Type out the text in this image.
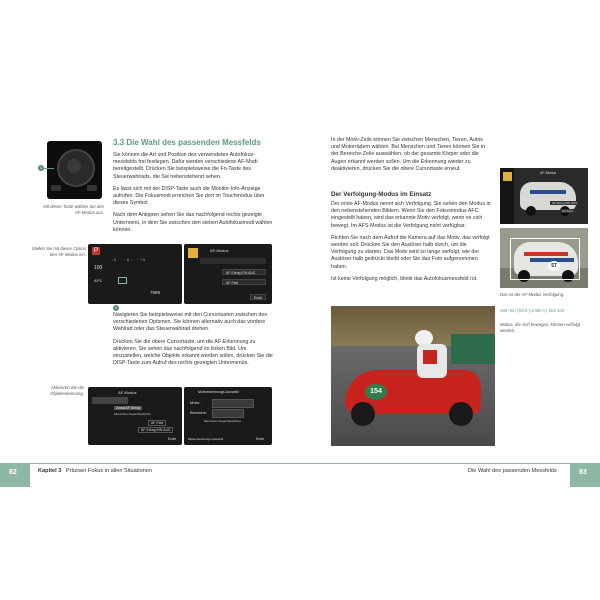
1
Mit dieser Taste wählen Sie den AF-Modus aus.
3.3 Die Wahl des passenden Messfelds

Sie können die Art und Position des verwendeten Autofokusmessfelds frei festlegen. Dafür werden verschiedene AF-Modi bereitgestellt. Drücken Sie beispielsweise die Fn-Taste des Steuerwahlrads, die Sie nebenstehend sehen.

Es lässt sich mit der DISP-Taste auch die Monitor-Info-Anzeige aufrufen. Die Fokusmodi erreichen Sie dort im Touchmodus über dieses Symbol.

Nach dem Antippen sehen Sie das nachfolgend rechts gezeigte Untermenü, in dem Sie zwischen den sieben Autofokusmodi wählen können.

Stellen Sie mit dieser Option den AF-Modus ein.
P
100
-3 · · · 0 · · · +3
AFS
7959
2
AF-Modus
AF Erkng EIN AUS
AF Feld
Ende

Navigieren Sie beispielsweise mit den Cursortasten zwischen den verschiedenen Optionen. Sie können alternativ auch das vordere Wahlrad oder das Steuerwahlrad drehen.

Drücken Sie die obere Cursortaste, um die AF-Erkennung zu aktivieren. Sie sehen das nachfolgend im linken Bild. Um einzustellen, welche Objekte erkannt werden sollen, drücken Sie die DISP-Taste zum Aufruf des rechts gezeigten Untermenüs.

Aktivieren Sie die Objekterkennung.	AF-Modus
Zonal AF Erkng
Menschen Augen/Gesichter
AF Feld
AF Erkng EIN AUS
Ende
Motiverkennungs-Auswahl
Motiv:
Bereiche:
Menschen Augen/Gesichter
Motiverkennungs-Auswahl	Ende
82	Kapitel 3 Präziser Fokus in allen Situationen
In der Motiv-Zeile können Sie zwischen Menschen, Tieren, Autos und Motorrädern wählen. Bei Menschen und Tieren können Sie in der Bereiche-Zeile auswählen, ob der gesamte Körper oder die Augen erkannt werden sollen. Um die Erkennung wieder zu deaktivieren, drücken Sie die obere Cursortaste erneut.
Der Verfolgung-Modus im Einsatz

Der erste AF-Modus nennt sich Verfolgung. Sie sehen den Modus in den nebenstehenden Bildern. Wenn Sie den Fokusmodus AFC eingestellt haben, wird das erkannte Motiv verfolgt, wenn es sich bewegt. Im AFS-Modus ist die Verfolgung nicht verfügbar.

Richten Sie nach dem Aufruf die Kamera auf das Motiv, das verfolgt werden soll. Drücken Sie den Auslöser halb durch, um die Verfolgung zu starten. Das Motiv wird so lange verfolgt, wie der Auslöser halb gedrückt bleibt oder Sie das Foto aufgenommen haben.

Ist keine Verfolgung möglich, blinkt das Autofokusmessfeld rot.

AF-Modus
AF Erkng EIN AUS
AF Feld
57
Das ist der AF-Modus Verfolgung.
154
180 mm | f/5.6 | 1/400 s | ISO 100
Motive, die sich bewegen, können verfolgt werden.
Die Wahl des passenden Messfelds	83
